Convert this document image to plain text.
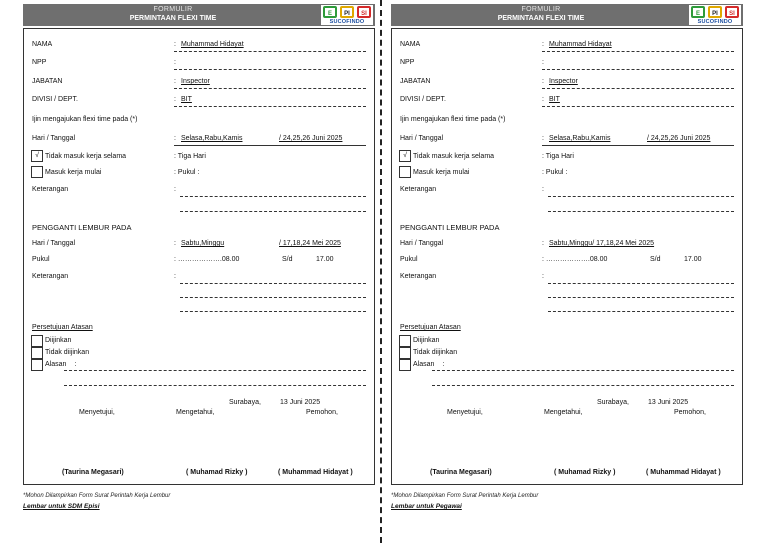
FORMULIR
PERMINTAAN FLEXI TIME
E	PI	SI
SUCOFINDO
NAMA	: Muhammad Hidayat
NPP	:
JABATAN	: Inspector
DIVISI / DEPT.	: BIT
Ijin mengajukan flexi time pada (*)
Hari / Tanggal	: Selasa,Rabu,Kamis	/ 24,25,26 Juni 2025
√ Tidak masuk kerja selama	: Tiga Hari
Masuk kerja mulai	: Pukul :
Keterangan	:
PENGGANTI LEMBUR PADA
Hari / Tanggal	: Sabtu,Minggu	/ 17,18,24 Mei 2025
Pukul	: ……………….08.00	S/d	17.00
Keterangan	:
Persetujuan Atasan
Diijinkan
Tidak diijinkan
Alasan :
Surabaya,	13 Juni 2025
Menyetujui,	Mengetahui,	Pemohon,
(Taurina Megasari)	( Muhamad Rizky )	( Muhammad Hidayat )
*Mohon Dilampirkan Form Surat Perintah Kerja Lembur
Lembar untuk SDM Episi
FORMULIR
PERMINTAAN FLEXI TIME
E	PI	SI
SUCOFINDO
NAMA	: Muhammad Hidayat
NPP	:
JABATAN	: Inspector
DIVISI / DEPT.	: BIT
Ijin mengajukan flexi time pada (*)
Hari / Tanggal	: Selasa,Rabu,Kamis	/ 24,25,26 Juni 2025
√ Tidak masuk kerja selama	: Tiga Hari
Masuk kerja mulai	: Pukul :
Keterangan	:
PENGGANTI LEMBUR PADA
Hari / Tanggal	: Sabtu,Minggu/ 17,18,24 Mei 2025
Pukul	: ……………….08.00	S/d	17.00
Keterangan	:
Persetujuan Atasan
Diijinkan
Tidak diijinkan
Alasan :
Surabaya,	13 Juni 2025
Menyetujui,	Mengetahui,	Pemohon,
(Taurina Megasari)	( Muhamad Rizky )	( Muhammad Hidayat )
*Mohon Dilampirkan Form Surat Perintah Kerja Lembur
Lembar untuk Pegawai
